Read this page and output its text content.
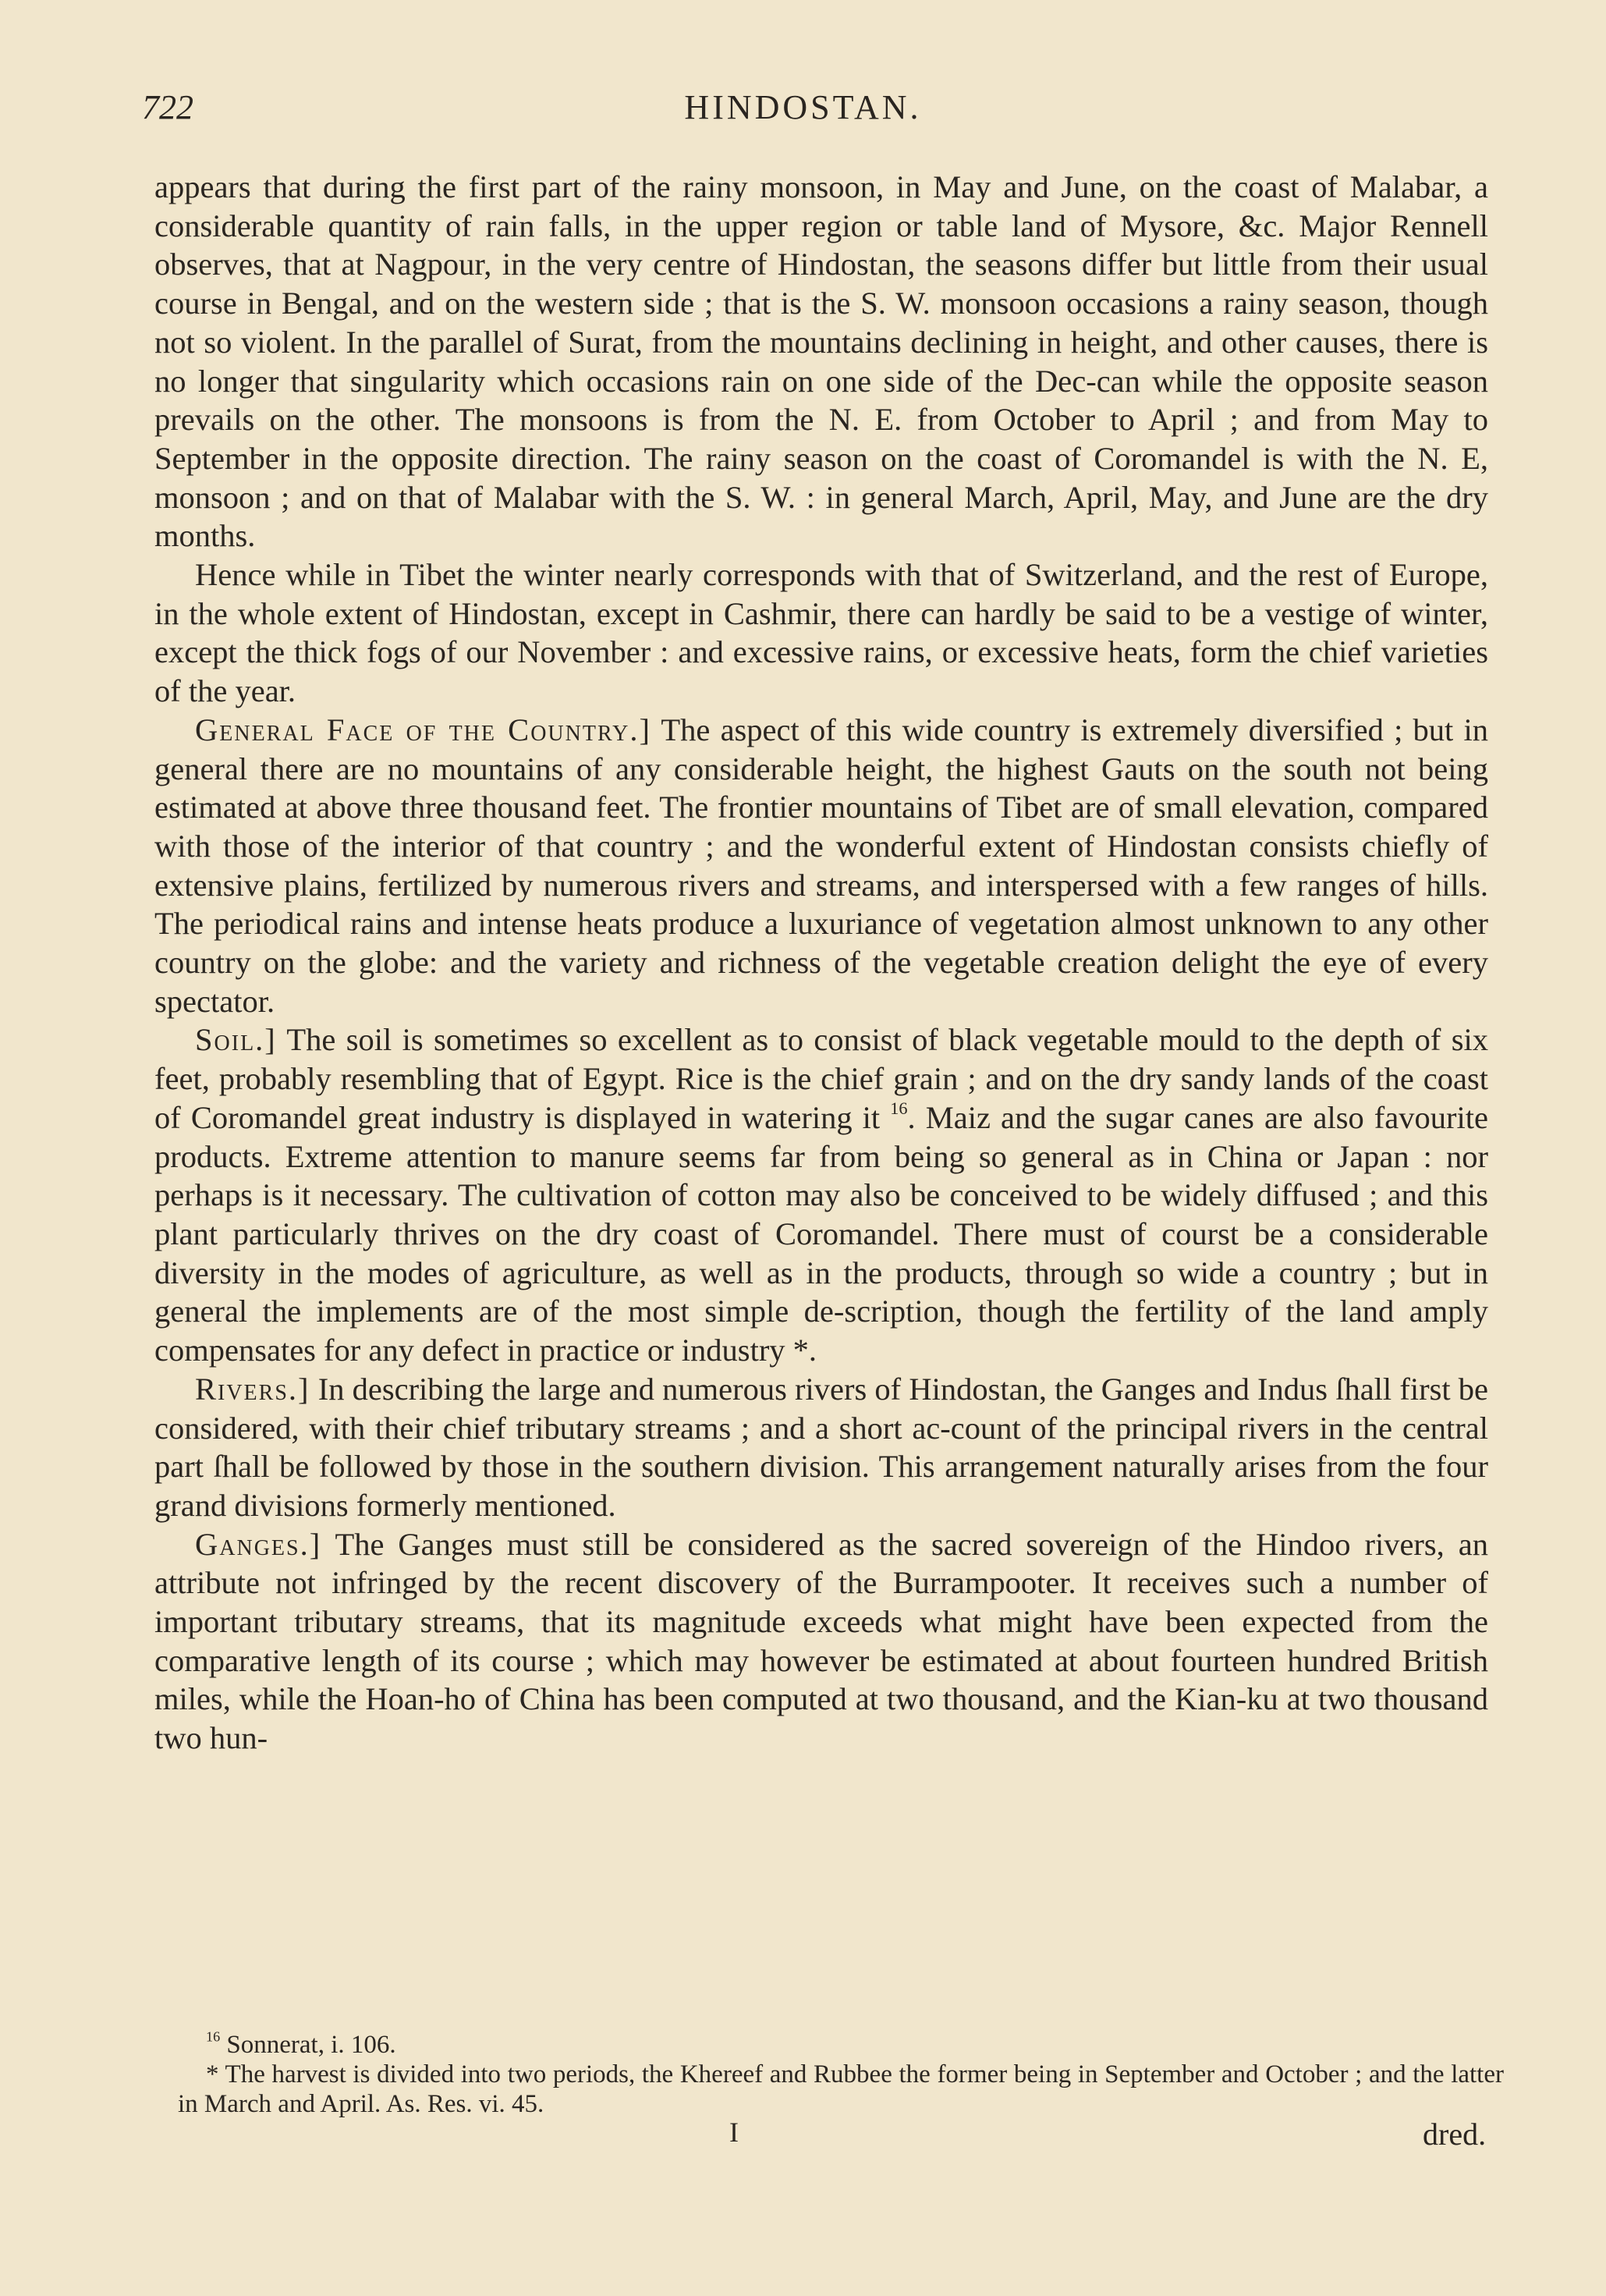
722	HINDOSTAN.

appears that during the first part of the rainy monsoon, in May and June, on the coast of Malabar, a considerable quantity of rain falls, in the upper region or table land of Mysore, &c. Major Rennell observes, that at Nagpour, in the very centre of Hindostan, the seasons differ but little from their usual course in Bengal, and on the western side ; that is the S. W. monsoon occasions a rainy season, though not so violent. In the parallel of Surat, from the mountains declining in height, and other causes, there is no longer that singularity which occasions rain on one side of the Dec-can while the opposite season prevails on the other. The monsoons is from the N. E. from October to April ; and from May to September in the opposite direction. The rainy season on the coast of Coromandel is with the N. E, monsoon ; and on that of Malabar with the S. W. : in general March, April, May, and June are the dry months.

Hence while in Tibet the winter nearly corresponds with that of Switzerland, and the rest of Europe, in the whole extent of Hindostan, except in Cashmir, there can hardly be said to be a vestige of winter, except the thick fogs of our November : and excessive rains, or excessive heats, form the chief varieties of the year.

General Face of the Country.] The aspect of this wide country is extremely diversified ; but in general there are no mountains of any considerable height, the highest Gauts on the south not being estimated at above three thousand feet. The frontier mountains of Tibet are of small elevation, compared with those of the interior of that country ; and the wonderful extent of Hindostan consists chiefly of extensive plains, fertilized by numerous rivers and streams, and interspersed with a few ranges of hills. The periodical rains and intense heats produce a luxuriance of vegetation almost unknown to any other country on the globe: and the variety and richness of the vegetable creation delight the eye of every spectator.

Soil.] The soil is sometimes so excellent as to consist of black vegetable mould to the depth of six feet, probably resembling that of Egypt. Rice is the chief grain ; and on the dry sandy lands of the coast of Coromandel great industry is displayed in watering it $^{16}$. Maiz and the sugar canes are also favourite products. Extreme attention to manure seems far from being so general as in China or Japan : nor perhaps is it necessary. The cultivation of cotton may also be conceived to be widely diffused ; and this plant particularly thrives on the dry coast of Coromandel. There must of courst be a considerable diversity in the modes of agriculture, as well as in the products, through so wide a country ; but in general the implements are of the most simple de-scription, though the fertility of the land amply compensates for any defect in practice or industry *.

Rivers.] In describing the large and numerous rivers of Hindostan, the Ganges and Indus ſhall first be considered, with their chief tributary streams ; and a short ac-count of the principal rivers in the central part ſhall be followed by those in the southern division. This arrangement naturally arises from the four grand divisions formerly mentioned.

Ganges.] The Ganges must still be considered as the sacred sovereign of the Hindoo rivers, an attribute not infringed by the recent discovery of the Burrampooter. It receives such a number of important tributary streams, that its magnitude exceeds what might have been expected from the comparative length of its course ; which may however be estimated at about fourteen hundred British miles, while the Hoan-ho of China has been computed at two thousand, and the Kian-ku at two thousand two hun-

$^{16}$ Sonnerat, i. 106.

* The harvest is divided into two periods, the Khereef and Rubbee the former being in September and October ; and the latter in March and April. As. Res. vi. 45.

I	dred.
